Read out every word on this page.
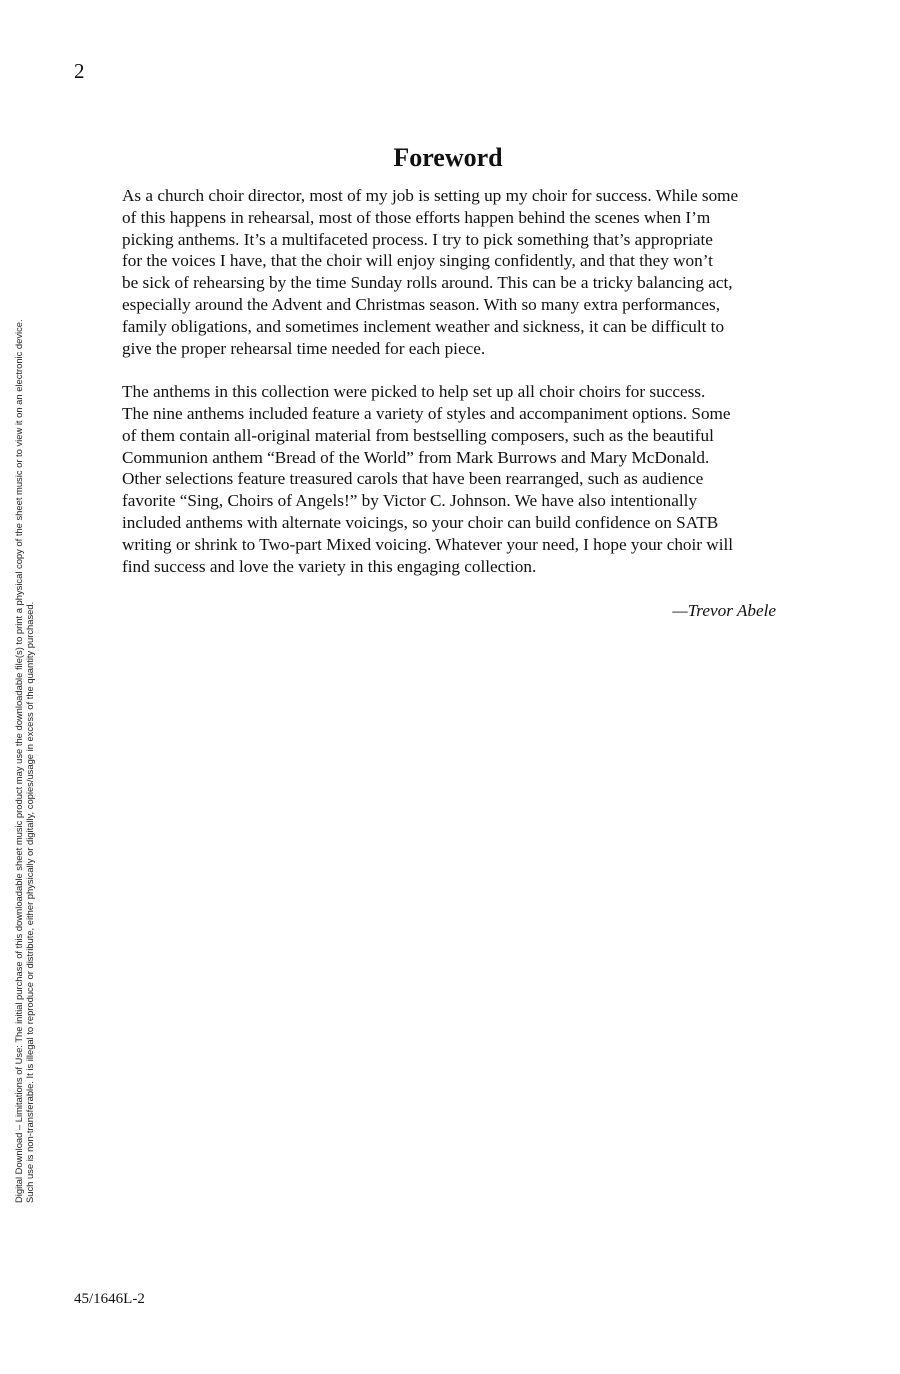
2
Foreword

As a church choir director, most of my job is setting up my choir for success. While some
of this happens in rehearsal, most of those efforts happen behind the scenes when I’m
picking anthems. It’s a multifaceted process. I try to pick something that’s appropriate
for the voices I have, that the choir will enjoy singing confidently, and that they won’t
be sick of rehearsing by the time Sunday rolls around. This can be a tricky balancing act,
especially around the Advent and Christmas season. With so many extra performances,
family obligations, and sometimes inclement weather and sickness, it can be difficult to
give the proper rehearsal time needed for each piece.

The anthems in this collection were picked to help set up all choir choirs for success.
The nine anthems included feature a variety of styles and accompaniment options. Some
of them contain all-original material from bestselling composers, such as the beautiful
Communion anthem “Bread of the World” from Mark Burrows and Mary McDonald.
Other selections feature treasured carols that have been rearranged, such as audience
favorite “Sing, Choirs of Angels!” by Victor C. Johnson. We have also intentionally
included anthems with alternate voicings, so your choir can build confidence on SATB
writing or shrink to Two-part Mixed voicing. Whatever your need, I hope your choir will
find success and love the variety in this engaging collection.

—Trevor Abele
Digital Download – Limitations of Use: The initial purchase of this downloadable sheet music product may use the downloadable file(s) to print a physical copy of the sheet music or to view it on an electronic device. Such use is non-transferable. It is illegal to reproduce or distribute, either physically or digitally, copies/usage in excess of the quantity purchased.
45/1646L-2
